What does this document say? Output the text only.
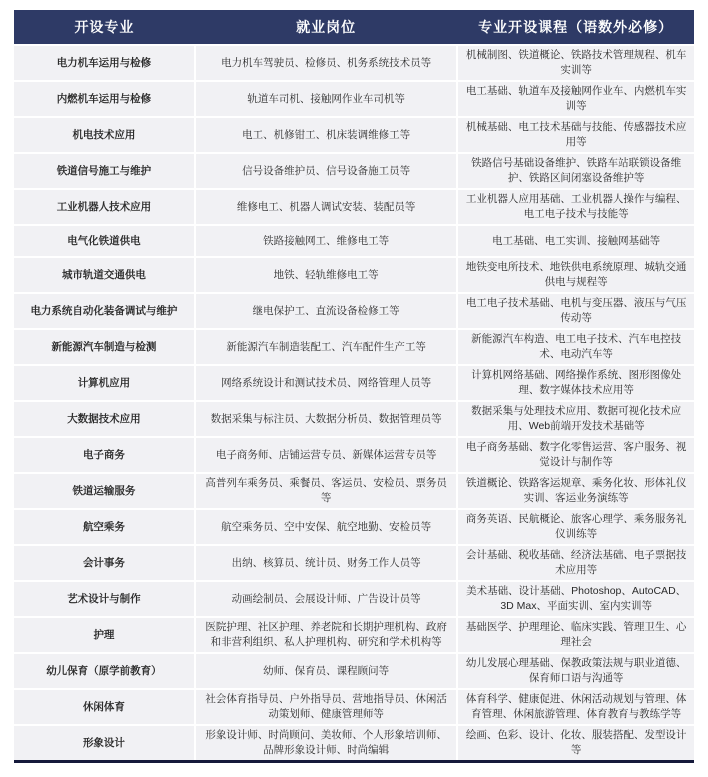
开设专业	就业岗位	专业开设课程（语数外必修）
电力机车运用与检修	电力机车驾驶员、检修员、机务系统技术员等	机械制图、铁道概论、铁路技术管理规程、机车实训等
内燃机车运用与检修	轨道车司机、接触网作业车司机等	电工基础、轨道车及接触网作业车、内燃机车实训等
机电技术应用	电工、机修钳工、机床装调维修工等	机械基础、电工技术基础与技能、传感器技术应用等
铁道信号施工与维护	信号设备维护员、信号设备施工员等	铁路信号基础设备维护、铁路车站联锁设备维护、铁路区间闭塞设备维护等
工业机器人技术应用	维修电工、机器人调试安装、装配员等	工业机器人应用基础、工业机器人操作与编程、电工电子技术与技能等
电气化铁道供电	铁路接触网工、维修电工等	电工基础、电工实训、接触网基础等
城市轨道交通供电	地铁、轻轨维修电工等	地铁变电所技术、地铁供电系统原理、城轨交通供电与规程等
电力系统自动化装备调试与维护	继电保护工、直流设备检修工等	电工电子技术基础、电机与变压器、液压与气压传动等
新能源汽车制造与检测	新能源汽车制造装配工、汽车配件生产工等	新能源汽车构造、电工电子技术、汽车电控技术、电动汽车等
计算机应用	网络系统设计和测试技术员、网络管理人员等	计算机网络基础、网络操作系统、图形图像处理、数字媒体技术应用等
大数据技术应用	数据采集与标注员、大数据分析员、数据管理员等	数据采集与处理技术应用、数据可视化技术应用、Web前端开发技术基础等
电子商务	电子商务师、店铺运营专员、新媒体运营专员等	电子商务基础、数字化零售运营、客户服务、视觉设计与制作等
铁道运输服务	高普列车乘务员、乘餐员、客运员、安检员、票务员等	铁道概论、铁路客运规章、乘务化妆、形体礼仪实训、客运业务演练等
航空乘务	航空乘务员、空中安保、航空地勤、安检员等	商务英语、民航概论、旅客心理学、乘务服务礼仪训练等
会计事务	出纳、核算员、统计员、财务工作人员等	会计基础、税收基础、经济法基础、电子票据技术应用等
艺术设计与制作	动画绘制员、会展设计师、广告设计员等	美术基础、设计基础、Photoshop、AutoCAD、3D Max、平面实训、室内实训等
护理	医院护理、社区护理、养老院和长期护理机构、政府和非营利组织、私人护理机构、研究和学术机构等	基础医学、护理理论、临床实践、管理卫生、心理社会
幼儿保育（原学前教育）	幼师、保育员、课程顾问等	幼儿发展心理基础、保教政策法规与职业道德、保育师口语与沟通等
休闲体育	社会体育指导员、户外指导员、营地指导员、休闲活动策划师、健康管理师等	体育科学、健康促进、休闲活动规划与管理、体育管理、休闲旅游管理、体育教育与教练学等
形象设计	形象设计师、时尚顾问、美妆师、个人形象培训师、品牌形象设计师、时尚编辑	绘画、色彩、设计、化妆、服装搭配、发型设计等
